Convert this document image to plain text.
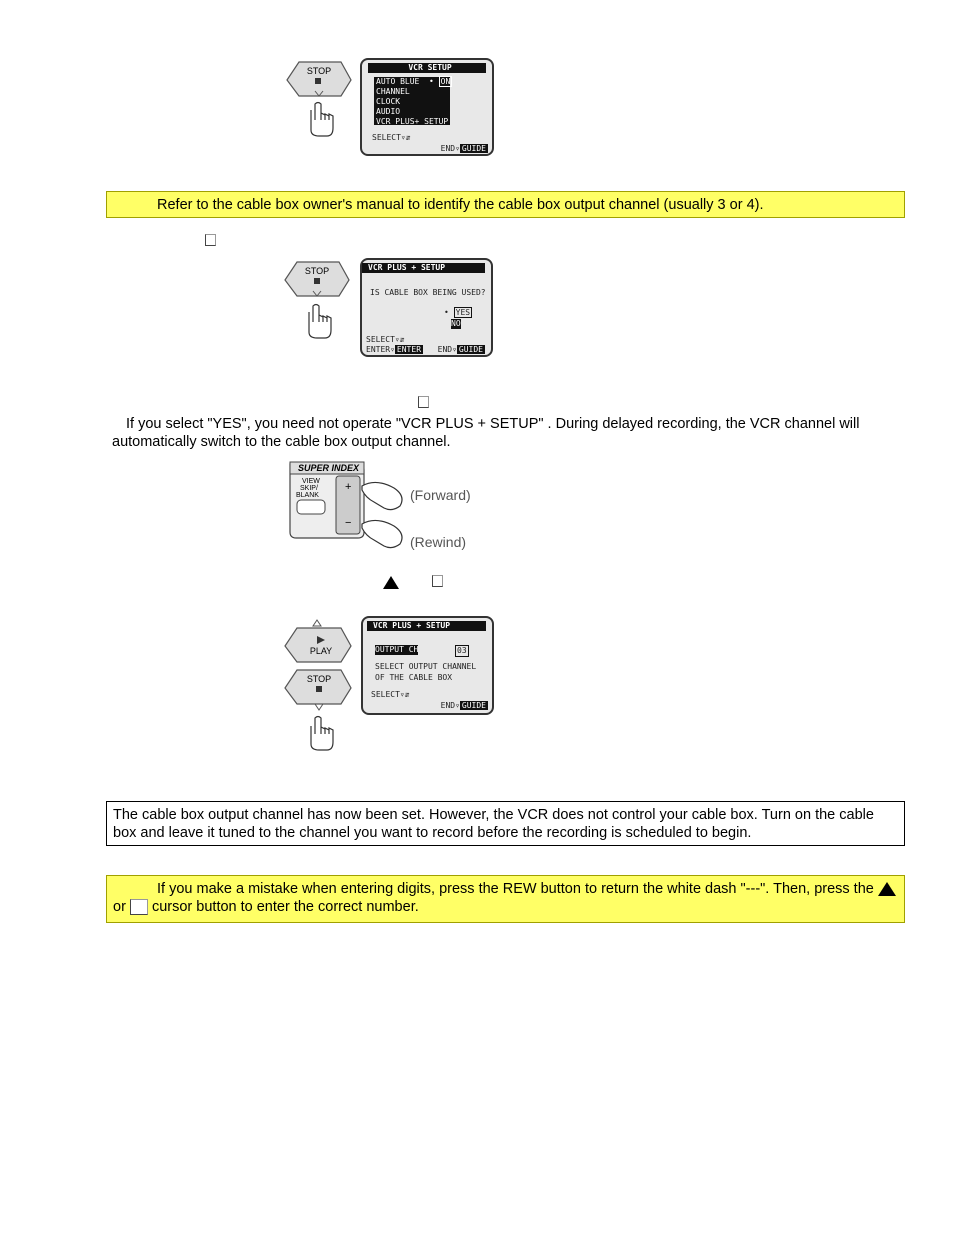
STOP	VCR SETUP
AUTO BLUE • ON
CHANNEL
CLOCK
AUDIO
VCR PLUS+ SETUP
SELECT▿⇵
END▿ GUIDE
Refer to the cable box owner's manual to identify the cable box output channel (usually 3 or 4).
STOP	VCR PLUS + SETUP
IS CABLE BOX BEING USED?
• YES
NO
SELECT▿⇵
ENTER▿ ENTER END▿ GUIDE
If you select "YES", you need not operate "VCR PLUS + SETUP" . During delayed recording, the VCR channel will automatically switch to the cable box output channel.
SUPER INDEX
VIEW
SKIP/
BLANK
+
−
(Forward)
(Rewind)
PLAY
STOP
VCR PLUS + SETUP
OUTPUT CH	03
SELECT OUTPUT CHANNEL
OF THE CABLE BOX
SELECT▿⇵
END▿ GUIDE
The cable box output channel has now been set. However, the VCR does not control your cable box. Turn on the cable box and leave it tuned to the channel you want to record before the recording is scheduled to begin.
If you make a mistake when entering digits, press the REW button to return the white dash "---". Then, press the  or cursor button to enter the correct number.
